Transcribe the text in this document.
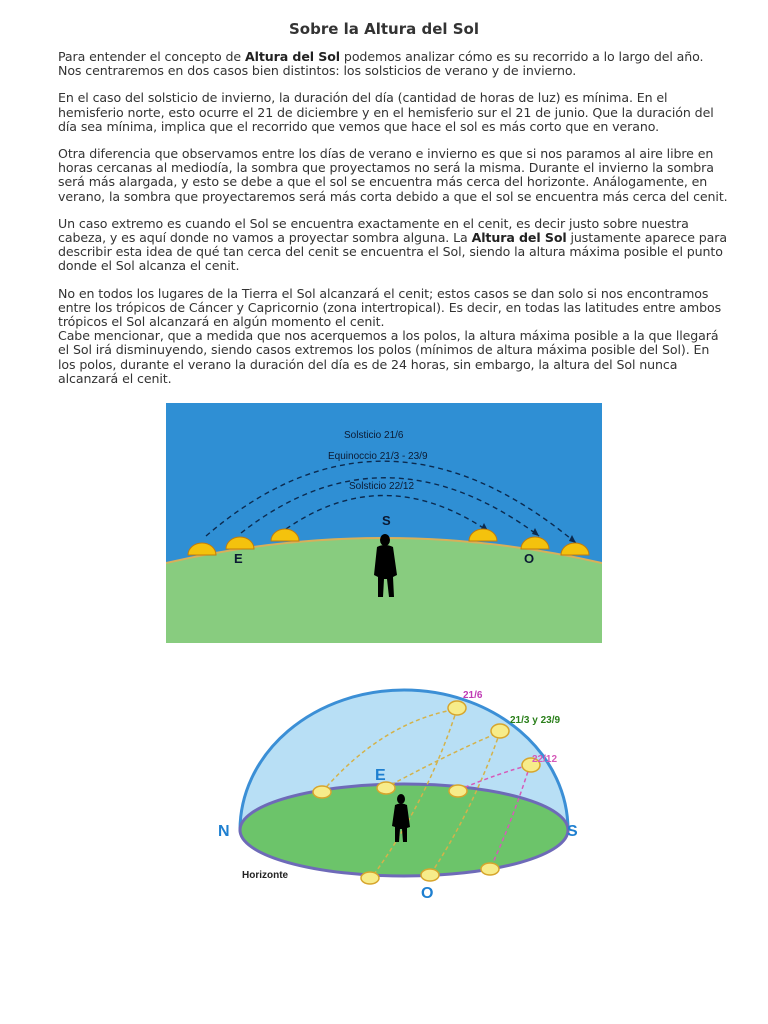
Sobre la Altura del Sol

Para entender el concepto de Altura del Sol podemos analizar cómo es su recorrido a lo largo del año. Nos centraremos en dos casos bien distintos: los solsticios de verano y de invierno.

En el caso del solsticio de invierno, la duración del día (cantidad de horas de luz) es mínima. En el hemisferio norte, esto ocurre el 21 de diciembre y en el hemisferio sur el 21 de junio. Que la duración del día sea mínima, implica que el recorrido que vemos que hace el sol es más corto que en verano.

Otra diferencia que observamos entre los días de verano e invierno es que si nos paramos al aire libre en horas cercanas al mediodía, la sombra que proyectamos no será la misma. Durante el invierno la sombra será más alargada, y esto se debe a que el sol se encuentra más cerca del horizonte. Análogamente, en verano, la sombra que proyectaremos será más corta debido a que el sol se encuentra más cerca del cenit.

Un caso extremo es cuando el Sol se encuentra exactamente en el cenit, es decir justo sobre nuestra cabeza, y es aquí donde no vamos a proyectar sombra alguna. La Altura del Sol justamente aparece para describir esta idea de qué tan cerca del cenit se encuentra el Sol, siendo la altura máxima posible el punto donde el Sol alcanza el cenit.

No en todos los lugares de la Tierra el Sol alcanzará el cenit; estos casos se dan solo si nos encontramos entre los trópicos de Cáncer y Capricornio (zona intertropical). Es decir, en todas las latitudes entre ambos trópicos el Sol alcanzará en algún momento el cenit.

Cabe mencionar, que a medida que nos acerquemos a los polos, la altura máxima posible a la que llegará el Sol irá disminuyendo, siendo casos extremos los polos (mínimos de altura máxima posible del Sol). En los polos, durante el verano la duración del día es de 24 horas, sin embargo, la altura del Sol nunca alcanzará el cenit.

Solsticio 21/6
Equinoccio 21/3 - 23/9
Solsticio 22/12
S
E	O
21/6
21/3 y 23/9
22/12
E
N	S
O
Horizonte
